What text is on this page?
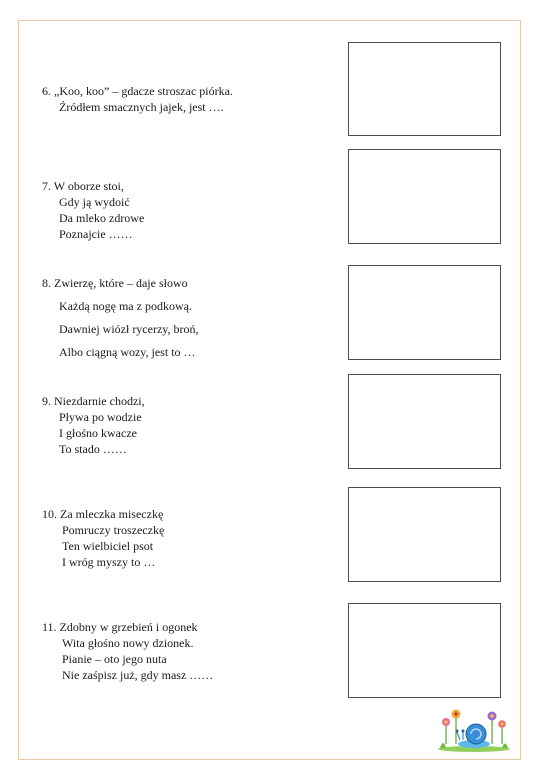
6. „Koo, koo” – gdacze stroszac piórka.
Źródłem smacznych jajek, jest ….
7. W oborze stoi,
Gdy ją wydoić
Da mleko zdrowe
Poznajcie ……
8. Zwierzę, które – daje słowo
Każdą nogę ma z podkową.
Dawniej wiózł rycerzy, broń,
Albo ciągną wozy, jest to …
9. Niezdarnie chodzi,
Pływa po wodzie
I głośno kwacze
To stado ……
10. Za mleczka miseczkę
Pomruczy troszeczkę
Ten wielbiciel psot
I wróg myszy to …
11. Zdobny w grzebień i ogonek
Wita głośno nowy dzionek.
Pianie – oto jego nuta
Nie zaśpisz już, gdy masz ……
